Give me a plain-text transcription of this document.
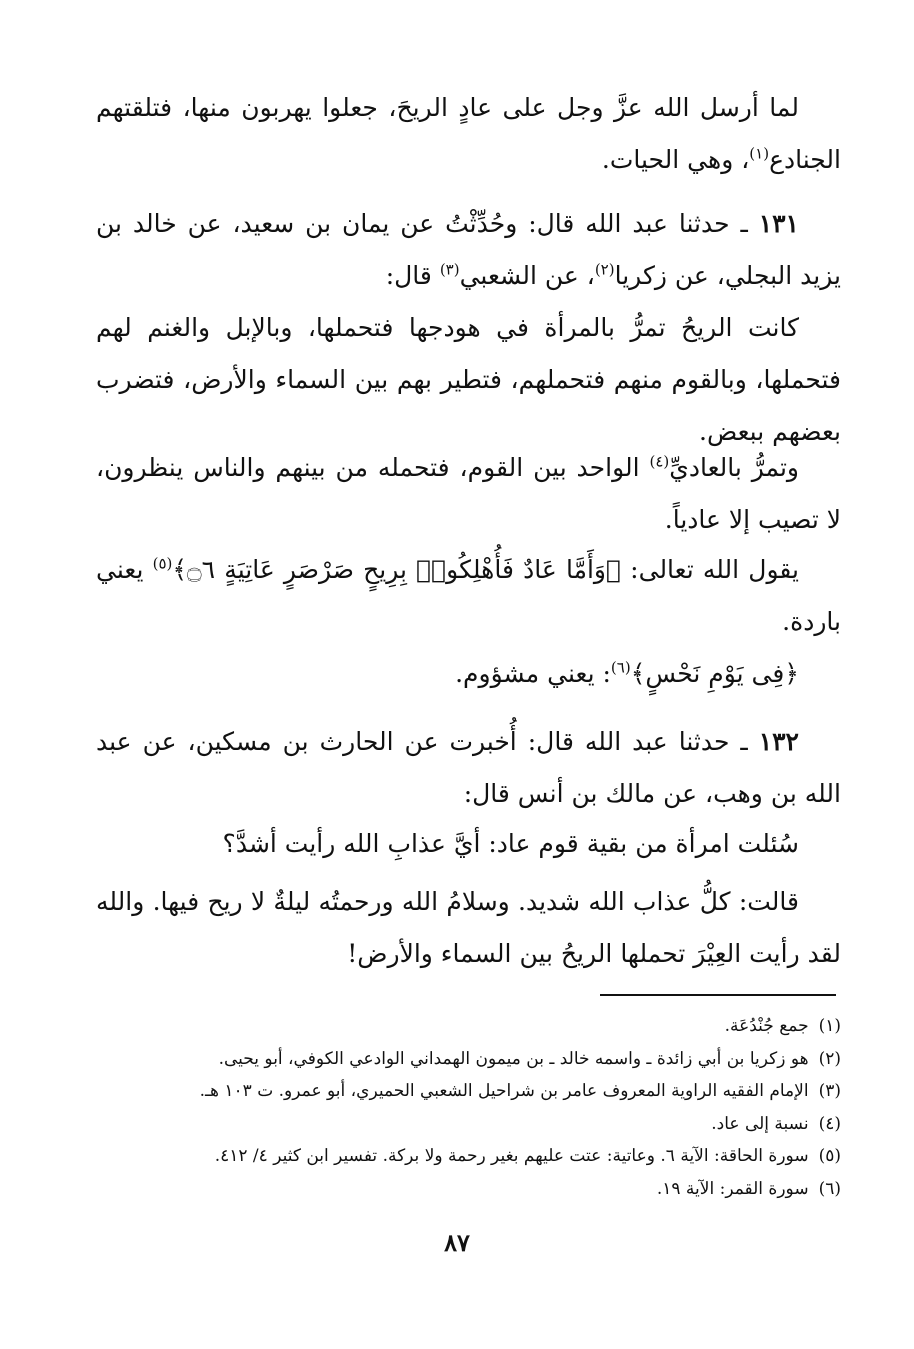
لما أرسل الله عزَّ وجل على عادٍ الريحَ، جعلوا يهربون منها، فتلقتهم الجنادع$^{(١)}$، وهي الحيات.

١٣١ ـ حدثنا عبد الله قال: وحُدِّثْتُ عن يمان بن سعيد، عن خالد بن يزيد البجلي، عن زكريا$^{(٢)}$، عن الشعبي$^{(٣)}$ قال:

كانت الريحُ تمرُّ بالمرأة في هودجها فتحملها، وبالإبل والغنم لهم فتحملها، وبالقوم منهم فتحملهم، فتطير بهم بين السماء والأرض، فتضرب بعضهم ببعض.

وتمرُّ بالعاديِّ$^{(٤)}$ الواحد بين القوم، فتحمله من بينهم والناس ينظرون، لا تصيب إلا عادياً.

يقول الله تعالى: ﴿وَأَمَّا عَادٌ فَأُهْلِكُوا۟ بِرِيحٍ صَرْصَرٍ عَاتِيَةٍ ۝٦﴾$^{(٥)}$ يعني باردة.

﴿فِى يَوْمِ نَحْسٍ﴾$^{(٦)}$: يعني مشؤوم.

١٣٢ ـ حدثنا عبد الله قال: أُخبرت عن الحارث بن مسكين، عن عبد الله بن وهب، عن مالك بن أنس قال:

سُئلت امرأة من بقية قوم عاد: أيَّ عذابِ الله رأيت أشدَّ؟

قالت: كلُّ عذاب الله شديد. وسلامُ الله ورحمتُه ليلةٌ لا ريح فيها. والله لقد رأيت العِيْرَ تحملها الريحُ بين السماء والأرض!

(١)جمع جُنْدُعَة.

(٢)هو زكريا بن أبي زائدة ـ واسمه خالد ـ بن ميمون الهمداني الوادعي الكوفي، أبو يحيى.

(٣)الإمام الفقيه الراوية المعروف عامر بن شراحيل الشعبي الحميري، أبو عمرو. ت ١٠٣ هـ.

(٤)نسبة إلى عاد.

(٥)سورة الحاقة: الآية ٦. وعاتية: عتت عليهم بغير رحمة ولا بركة. تفسير ابن كثير ٤/ ٤١٢.

(٦)سورة القمر: الآية ١٩.

٨٧
